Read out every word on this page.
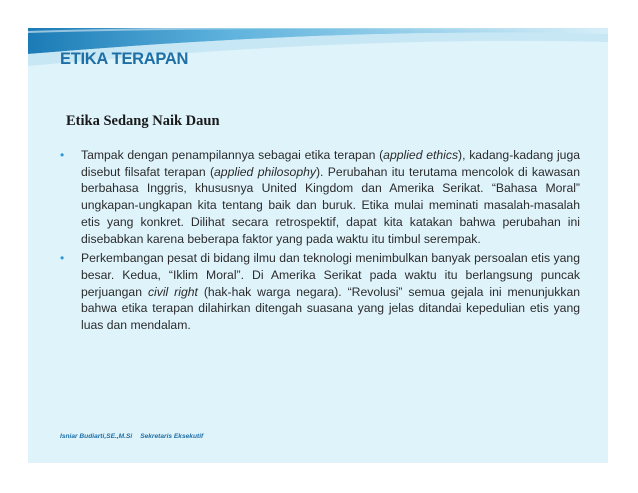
ETIKA TERAPAN
Etika Sedang Naik Daun
• Tampak dengan penampilannya sebagai etika terapan (applied ethics), kadang-kadang juga disebut filsafat terapan (applied philosophy). Perubahan itu terutama mencolok di kawasan berbahasa Inggris, khususnya United Kingdom dan Amerika Serikat. “Bahasa Moral” ungkapan-ungkapan kita tentang baik dan buruk. Etika mulai meminati masalah-masalah etis yang konkret. Dilihat secara retrospektif, dapat kita katakan bahwa perubahan ini disebabkan karena beberapa faktor yang pada waktu itu timbul serempak.
• Perkembangan pesat di bidang ilmu dan teknologi menimbulkan banyak persoalan etis yang besar. Kedua, “Iklim Moral”. Di Amerika Serikat pada waktu itu berlangsung puncak perjuangan civil right (hak-hak warga negara). “Revolusi” semua gejala ini menunjukkan bahwa etika terapan dilahirkan ditengah suasana yang jelas ditandai kepedulian etis yang luas dan mendalam.

Isniar Budiarti,SE.,M.Si Sekretaris Eksekutif
